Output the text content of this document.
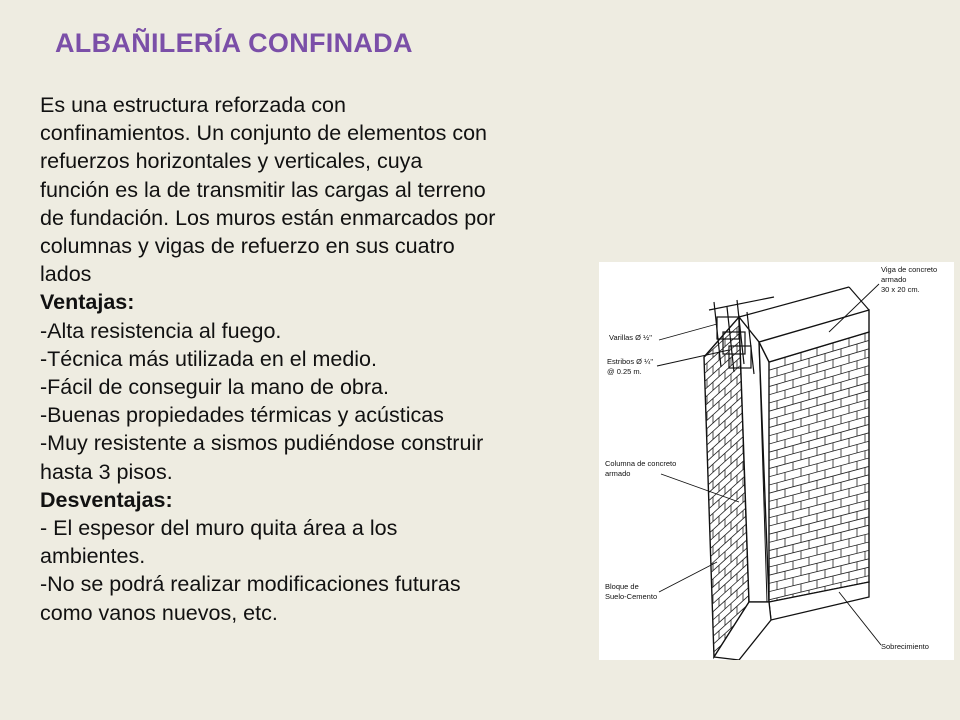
ALBAÑILERÍA CONFINADA
Es una estructura reforzada con
confinamientos. Un conjunto de elementos con
refuerzos horizontales y verticales, cuya
función es la de transmitir las cargas al terreno
de fundación. Los muros están enmarcados por
columnas y vigas de refuerzo en sus cuatro
lados
Ventajas:
-Alta resistencia al fuego.
-Técnica más utilizada en el medio.
-Fácil de conseguir la mano de obra.
-Buenas propiedades térmicas y acústicas
-Muy resistente a sismos pudiéndose construir
hasta 3 pisos.
Desventajas:
- El espesor del muro quita área a los
ambientes.
-No se podrá realizar modificaciones futuras
como vanos nuevos, etc.
Viga de concreto
armado
30 x 20 cm.
Varillas Ø ½"
Estribos Ø ¼"
@ 0.25 m.
Columna de concreto
armado
Bloque de
Suelo-Cemento
Sobrecimiento
